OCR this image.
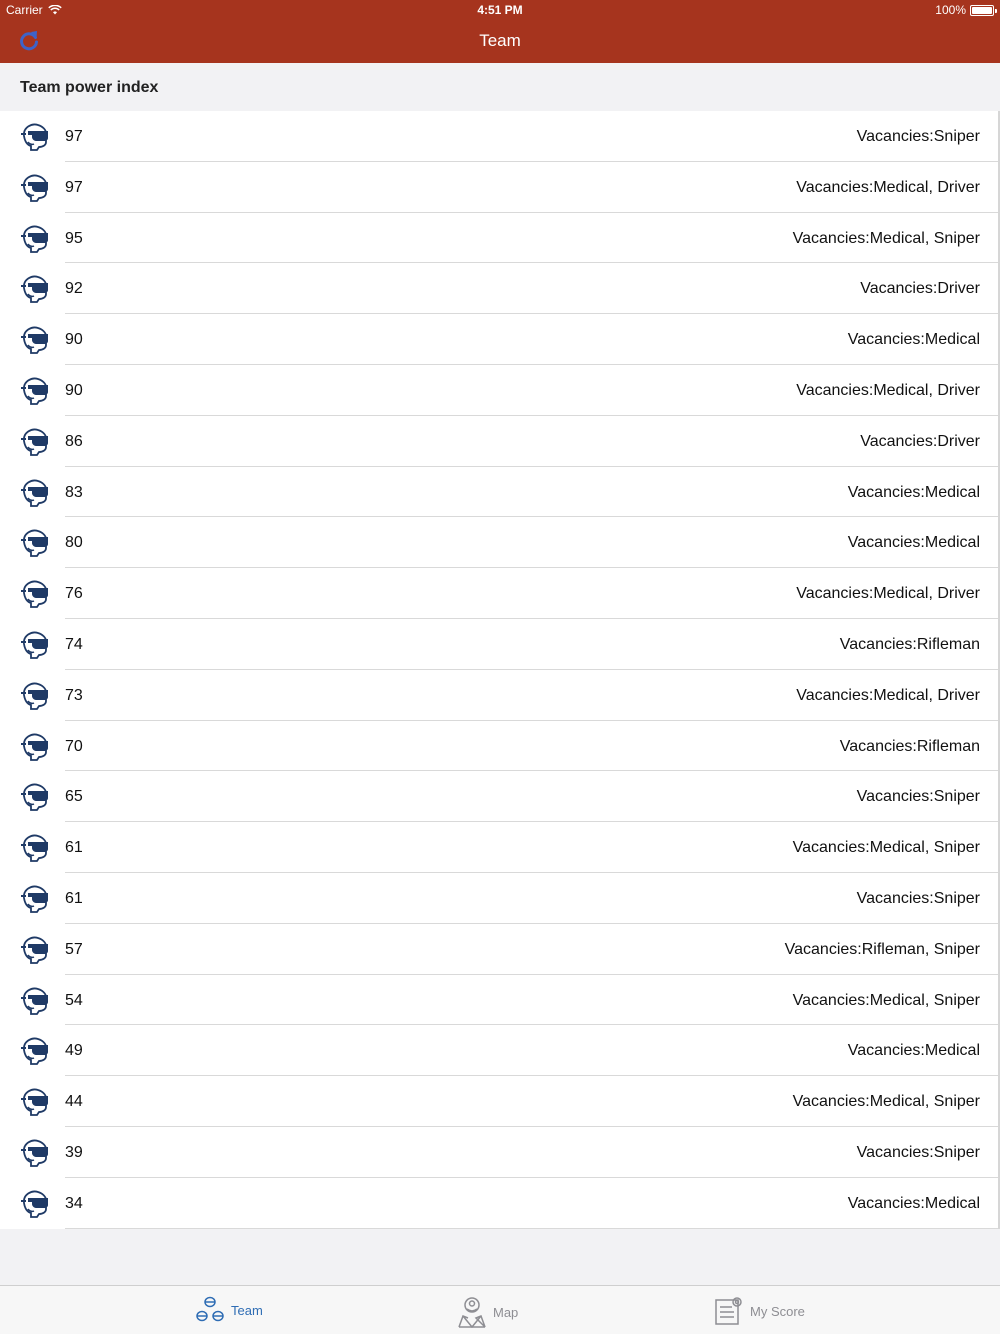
Carrier	4:51 PM	100%
Team
Team power index
97	Vacancies:Sniper
97	Vacancies:Medical, Driver
95	Vacancies:Medical, Sniper
92	Vacancies:Driver
90	Vacancies:Medical
90	Vacancies:Medical, Driver
86	Vacancies:Driver
83	Vacancies:Medical
80	Vacancies:Medical
76	Vacancies:Medical, Driver
74	Vacancies:Rifleman
73	Vacancies:Medical, Driver
70	Vacancies:Rifleman
65	Vacancies:Sniper
61	Vacancies:Medical, Sniper
61	Vacancies:Sniper
57	Vacancies:Rifleman, Sniper
54	Vacancies:Medical, Sniper
49	Vacancies:Medical
44	Vacancies:Medical, Sniper
39	Vacancies:Sniper
34	Vacancies:Medical
Team	Map	My Score
